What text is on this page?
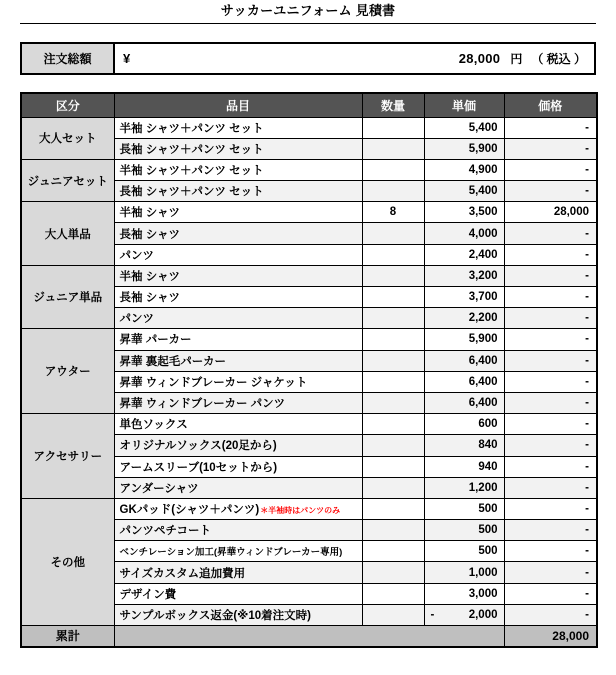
サッカーユニフォーム 見積書
注文総額	¥	28,000 円 （ 税込 ）
区分	品目	数量	単価	価格
大人セット	半袖 シャツ＋パンツ セット		5,400	-
	長袖 シャツ＋パンツ セット		5,900	-
ジュニアセット	半袖 シャツ＋パンツ セット		4,900	-
	長袖 シャツ＋パンツ セット		5,400	-
大人単品	半袖 シャツ	8	3,500	28,000
	長袖 シャツ		4,000	-
	パンツ		2,400	-
ジュニア単品	半袖 シャツ		3,200	-
	長袖 シャツ		3,700	-
	パンツ		2,200	-
アウター	昇華 パーカー		5,900	-
	昇華 裏起毛パーカー		6,400	-
	昇華 ウィンドブレーカー ジャケット		6,400	-
	昇華 ウィンドブレーカー パンツ		6,400	-
アクセサリー	単色ソックス		600	-
	オリジナルソックス(20足から)		840	-
	アームスリーブ(10セットから)		940	-
	アンダーシャツ		1,200	-
その他	GKパッド(シャツ＋パンツ)＊半袖時はパンツのみ		500	-
	パンツペチコート		500	-
	ベンチレーション加工(昇華ウィンドブレーカー専用)		500	-
	サイズカスタム追加費用		1,000	-
	デザイン費		3,000	-
	サンプルボックス返金(※10着注文時)		- 2,000	-
累計				28,000
